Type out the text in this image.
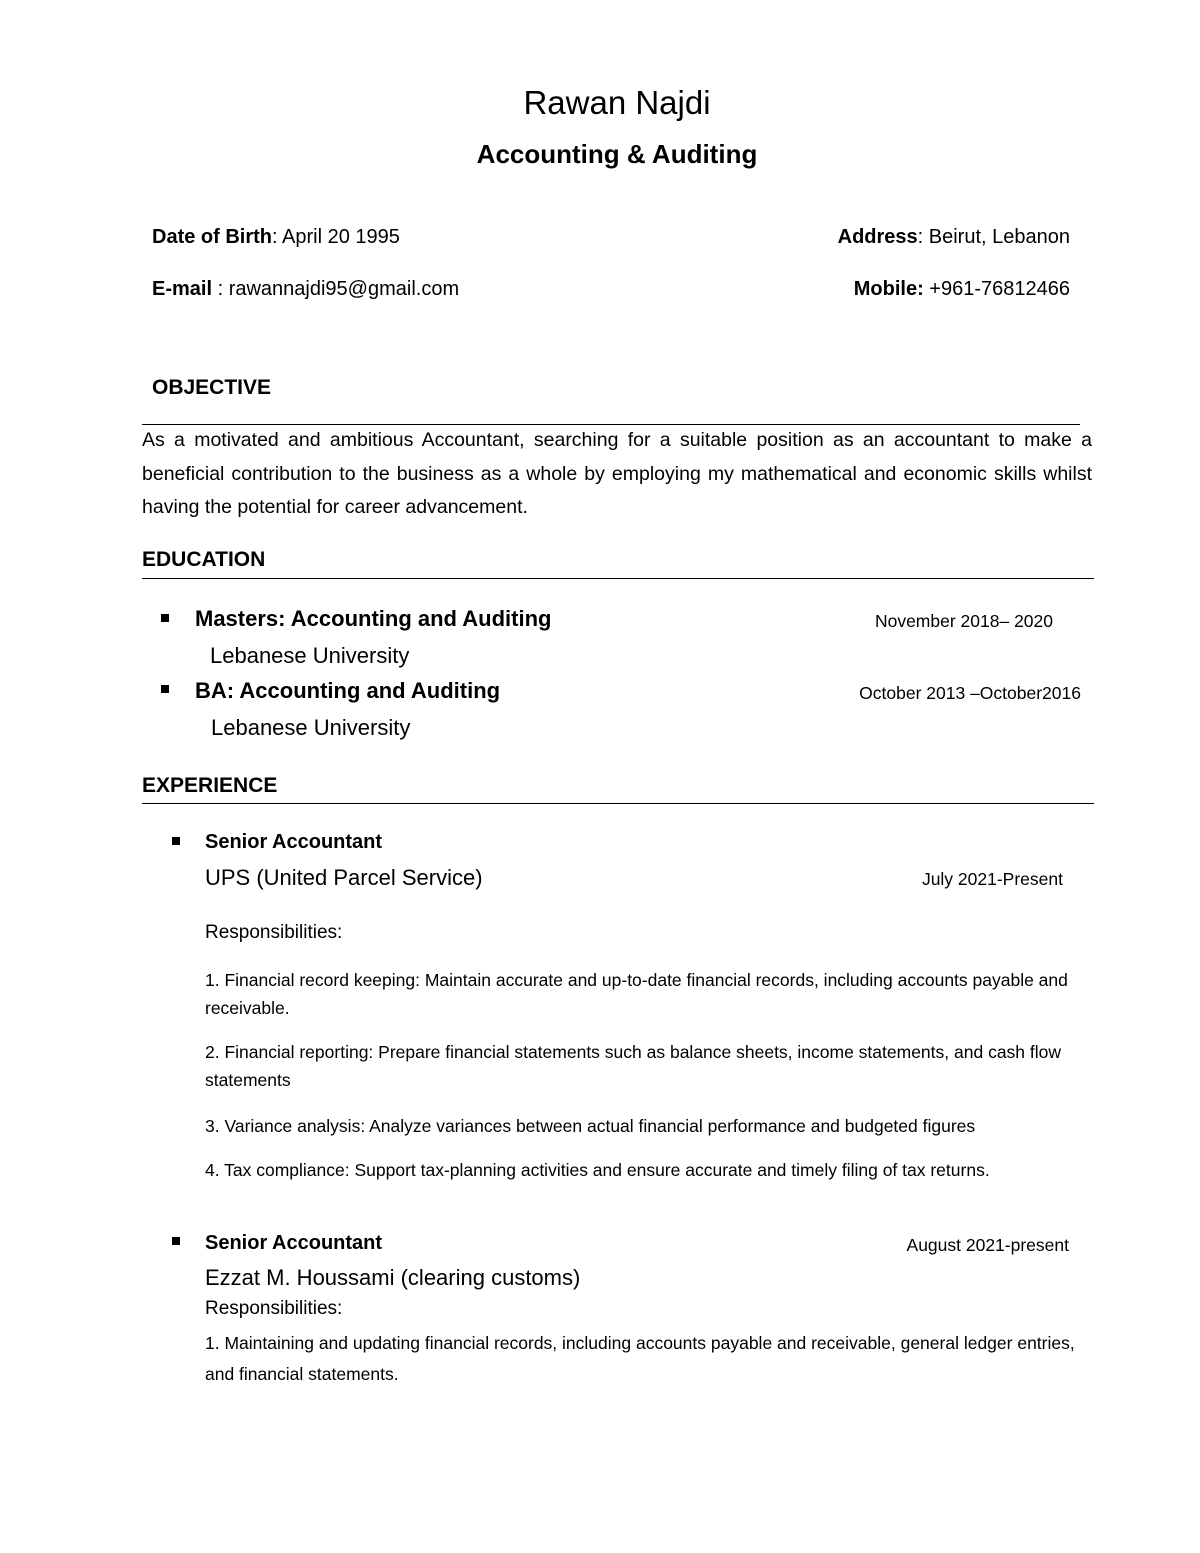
Rawan Najdi
Accounting & Auditing
Date of Birth: April 20 1995	Address: Beirut, Lebanon
E-mail : rawannajdi95@gmail.com	Mobile: +961-76812466
OBJECTIVE
As a motivated and ambitious Accountant, searching for a suitable position as an accountant to make a beneficial contribution to the business as a whole by employing my mathematical and economic skills whilst having the potential for career advancement.
EDUCATION
Masters: Accounting and Auditing	November 2018– 2020
Lebanese University
BA: Accounting and Auditing	October 2013 –October2016
Lebanese University
EXPERIENCE
Senior Accountant
UPS (United Parcel Service)	July 2021-Present
Responsibilities:
1. Financial record keeping: Maintain accurate and up-to-date financial records, including accounts payable and receivable.
2. Financial reporting: Prepare financial statements such as balance sheets, income statements, and cash flow statements
3. Variance analysis: Analyze variances between actual financial performance and budgeted figures
4. Tax compliance: Support tax-planning activities and ensure accurate and timely filing of tax returns.
Senior Accountant	August 2021-present
Ezzat M. Houssami (clearing customs)
Responsibilities:
1. Maintaining and updating financial records, including accounts payable and receivable, general ledger entries, and financial statements.
